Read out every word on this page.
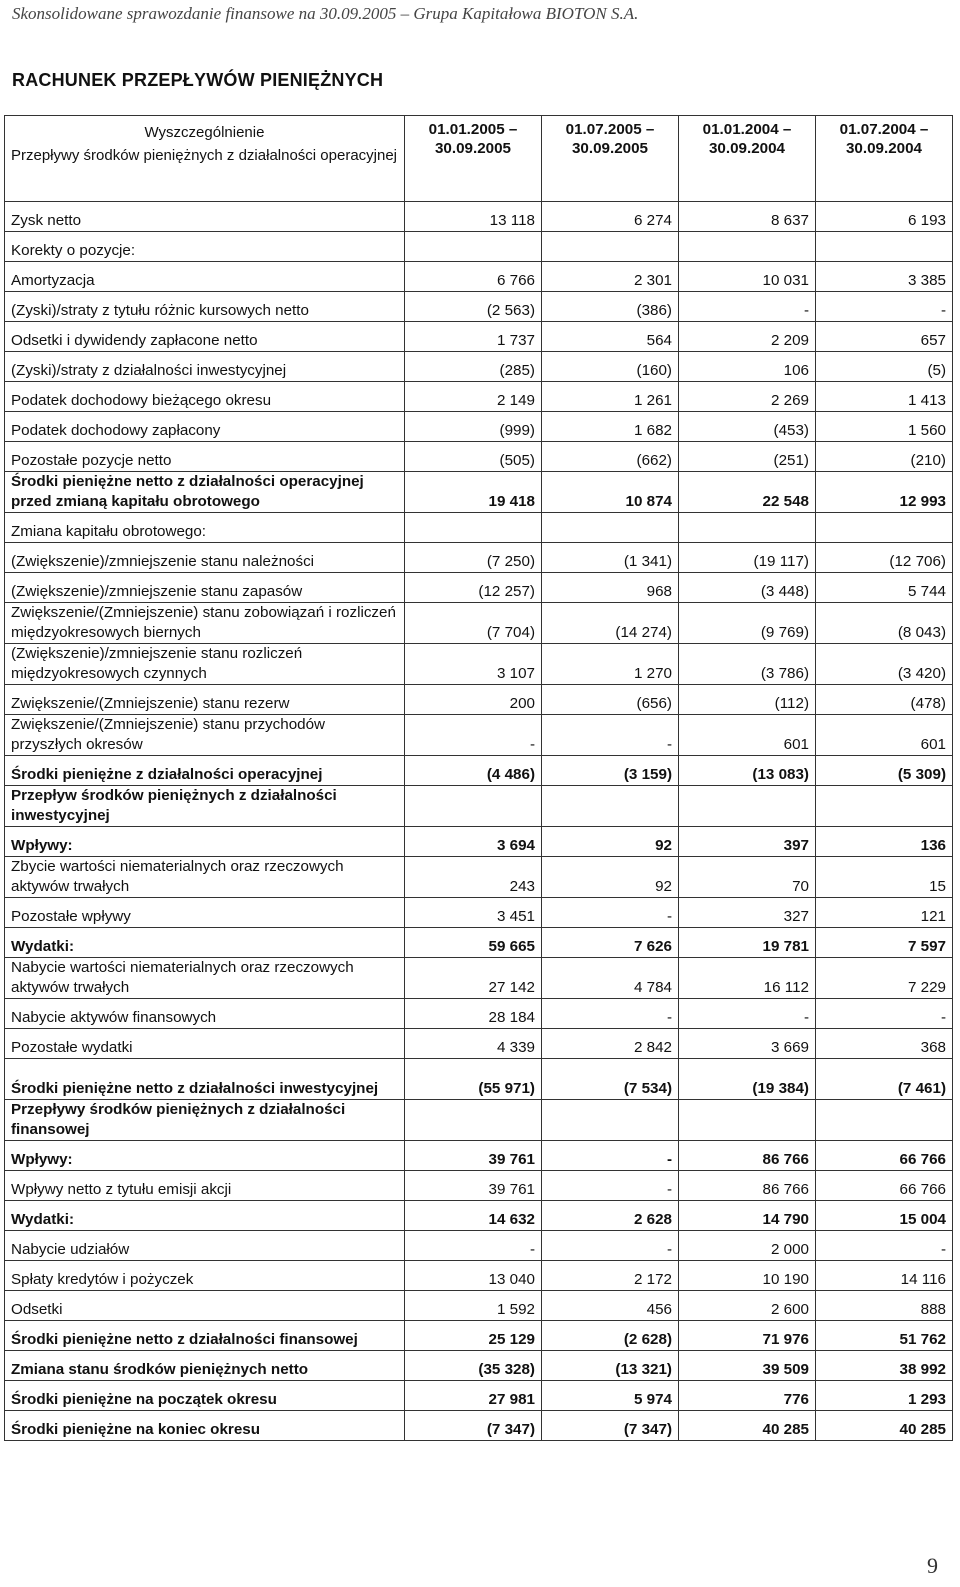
Skonsolidowane sprawozdanie finansowe na 30.09.2005 – Grupa Kapitałowa BIOTON S.A.
RACHUNEK PRZEPŁYWÓW PIENIĘŻNYCH
Wyszczególnienie
Przepływy środków pieniężnych z działalności operacyjnej	01.01.2005 – 30.09.2005	01.07.2005 – 30.09.2005	01.01.2004 – 30.09.2004	01.07.2004 – 30.09.2004
Zysk netto	13 118	6 274	8 637	6 193
Korekty o pozycje:				
Amortyzacja	6 766	2 301	10 031	3 385
(Zyski)/straty z tytułu różnic kursowych netto	(2 563)	(386)	-	-
Odsetki i dywidendy zapłacone netto	1 737	564	2 209	657
(Zyski)/straty z działalności inwestycyjnej	(285)	(160)	106	(5)
Podatek dochodowy bieżącego okresu	2 149	1 261	2 269	1 413
Podatek dochodowy zapłacony	(999)	1 682	(453)	1 560
Pozostałe pozycje netto	(505)	(662)	(251)	(210)
Środki pieniężne netto z działalności operacyjnej przed zmianą kapitału obrotowego	19 418	10 874	22 548	12 993
Zmiana kapitału obrotowego:				
(Zwiększenie)/zmniejszenie stanu należności	(7 250)	(1 341)	(19 117)	(12 706)
(Zwiększenie)/zmniejszenie stanu zapasów	(12 257)	968	(3 448)	5 744
Zwiększenie/(Zmniejszenie) stanu zobowiązań i rozliczeń międzyokresowych biernych	(7 704)	(14 274)	(9 769)	(8 043)
(Zwiększenie)/zmniejszenie stanu rozliczeń międzyokresowych czynnych	3 107	1 270	(3 786)	(3 420)
Zwiększenie/(Zmniejszenie) stanu rezerw	200	(656)	(112)	(478)
Zwiększenie/(Zmniejszenie) stanu przychodów przyszłych okresów	-	-	601	601
Środki pieniężne z działalności operacyjnej	(4 486)	(3 159)	(13 083)	(5 309)
Przepływ środków pieniężnych z działalności inwestycyjnej				
Wpływy:	3 694	92	397	136
Zbycie wartości niematerialnych oraz rzeczowych aktywów trwałych	243	92	70	15
Pozostałe wpływy	3 451	-	327	121
Wydatki:	59 665	7 626	19 781	7 597
Nabycie wartości niematerialnych oraz rzeczowych aktywów trwałych	27 142	4 784	16 112	7 229
Nabycie aktywów finansowych	28 184	-	-	-
Pozostałe wydatki	4 339	2 842	3 669	368
Środki pieniężne netto z działalności inwestycyjnej	(55 971)	(7 534)	(19 384)	(7 461)
Przepływy środków pieniężnych z działalności finansowej				
Wpływy:	39 761	-	86 766	66 766
Wpływy netto z tytułu emisji akcji	39 761	-	86 766	66 766
Wydatki:	14 632	2 628	14 790	15 004
Nabycie udziałów	-	-	2 000	-
Spłaty kredytów i pożyczek	13 040	2 172	10 190	14 116
Odsetki	1 592	456	2 600	888
Środki pieniężne netto z działalności finansowej	25 129	(2 628)	71 976	51 762
Zmiana stanu środków pieniężnych netto	(35 328)	(13 321)	39 509	38 992
Środki pieniężne na początek okresu	27 981	5 974	776	1 293
Środki pieniężne na koniec okresu	(7 347)	(7 347)	40 285	40 285
9
